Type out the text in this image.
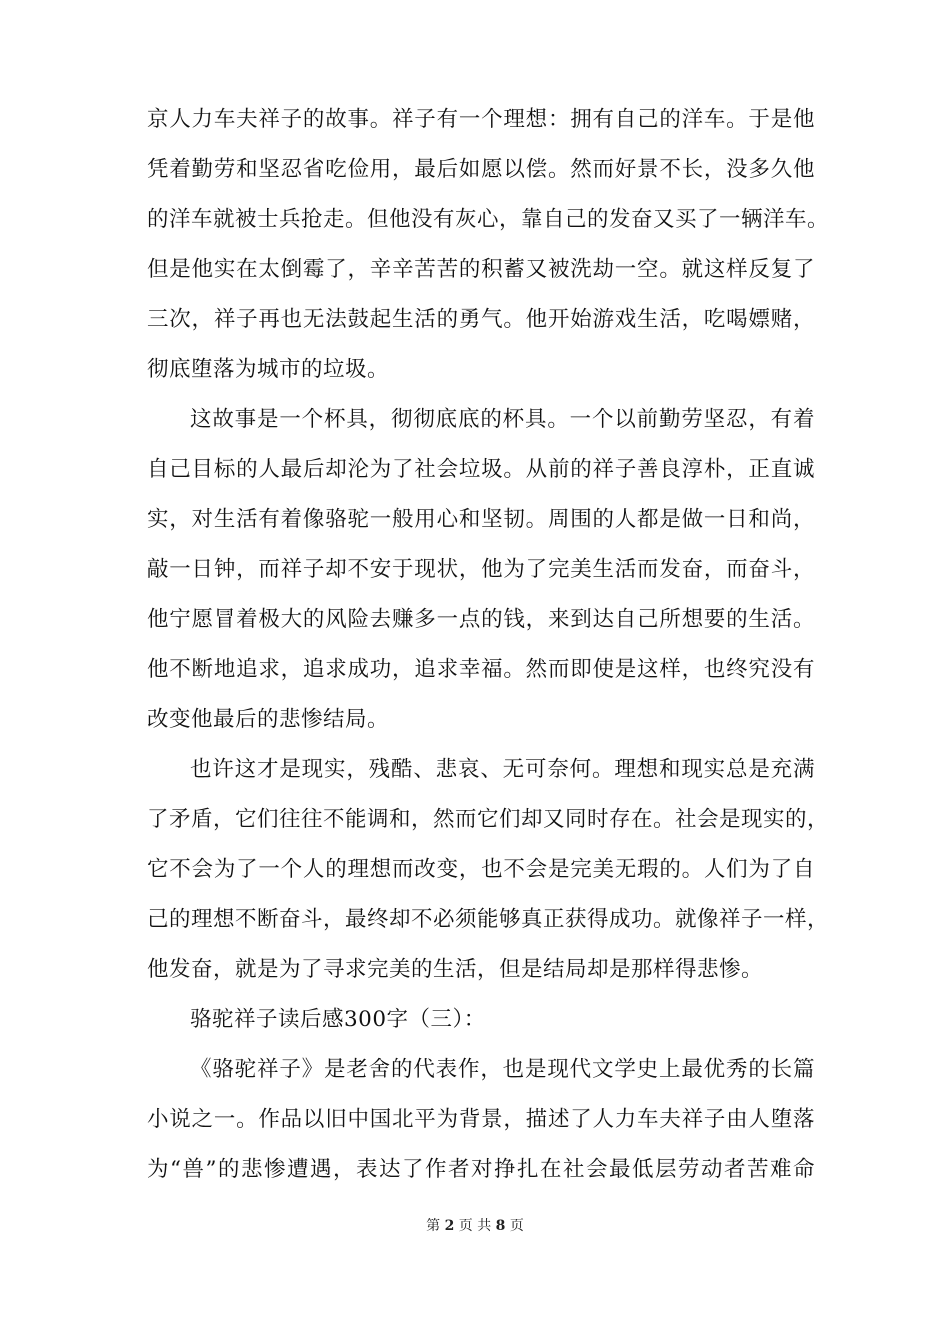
京人力车夫祥子的故事。祥子有一个理想：拥有自己的洋车。于是他
凭着勤劳和坚忍省吃俭用，最后如愿以偿。然而好景不长，没多久他
的洋车就被士兵抢走。但他没有灰心，靠自己的发奋又买了一辆洋车。
但是他实在太倒霉了，辛辛苦苦的积蓄又被洗劫一空。就这样反复了
三次，祥子再也无法鼓起生活的勇气。他开始游戏生活，吃喝嫖赌，
彻底堕落为城市的垃圾。
这故事是一个杯具，彻彻底底的杯具。一个以前勤劳坚忍，有着
自己目标的人最后却沦为了社会垃圾。从前的祥子善良淳朴，正直诚
实，对生活有着像骆驼一般用心和坚韧。周围的人都是做一日和尚，
敲一日钟，而祥子却不安于现状，他为了完美生活而发奋，而奋斗，
他宁愿冒着极大的风险去赚多一点的钱，来到达自己所想要的生活。
他不断地追求，追求成功，追求幸福。然而即使是这样，也终究没有
改变他最后的悲惨结局。
也许这才是现实，残酷、悲哀、无可奈何。理想和现实总是充满
了矛盾，它们往往不能调和，然而它们却又同时存在。社会是现实的，
它不会为了一个人的理想而改变，也不会是完美无瑕的。人们为了自
己的理想不断奋斗，最终却不必须能够真正获得成功。就像祥子一样，
他发奋，就是为了寻求完美的生活，但是结局却是那样得悲惨。
骆驼祥子读后感300字（三）：
《骆驼祥子》是老舍的代表作，也是现代文学史上最优秀的长篇
小说之一。作品以旧中国北平为背景，描述了人力车夫祥子由人堕落
为“兽”的悲惨遭遇，表达了作者对挣扎在社会最低层劳动者苦难命
第 2 页 共 8 页
